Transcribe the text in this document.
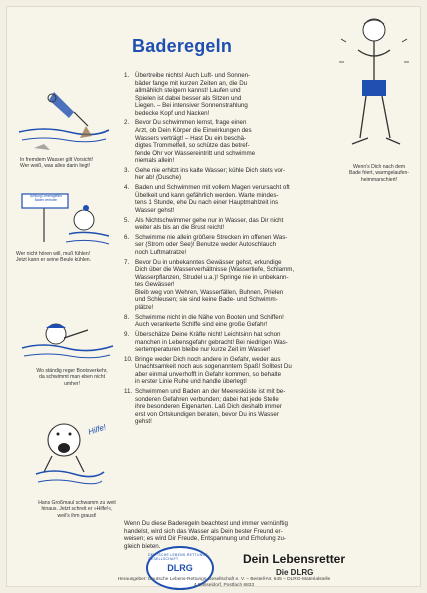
Baderegeln
1. Übertreibe nichts! Auch Luft- und Sonnen-
bäder fange mit kurzen Zeiten an, die Du
allmählich steigern kannst! Laufen und
Spielen ist dabei besser als Sitzen und
Liegen. – Bei intensiver Sonnenstrahlung
bedecke Kopf und Nacken!
2. Bevor Du schwimmen lernst, frage einen
Arzt, ob Dein Körper die Einwirkungen des
Wassers verträgt! – Hast Du ein beschä-
digtes Trommelfell, so schütze das betref-
fende Ohr vor Wassereintritt und schwimme
niemals allein!
3. Gehe nie erhitzt ins kalte Wasser; kühle Dich stets vor-
her ab! (Dusche)
4. Baden und Schwimmen mit vollem Magen verursacht oft
Übelkeit und kann gefährlich werden. Warte mindes-
tens 1 Stunde, ehe Du nach einer Hauptmahlzeit ins
Wasser gehst!
5. Als Nichtschwimmer gehe nur in Wasser, das Dir nicht
weiter als bis an die Brust reicht!
6. Schwimme nie allein größere Strecken im offenen Was-
ser (Strom oder See)! Benutze weder Autoschlauch
noch Luftmatratze!
7. Bevor Du in unbekanntes Gewässer gehst, erkundige
Dich über die Wasserverhältnisse (Wassertiefe, Schlamm,
Wasserpflanzen, Strudel u.a.)! Springe nie in unbekann-
tes Gewässer!
Bleib weg von Wehren, Wasserfällen, Buhnen, Prielen
und Schleusen; sie sind keine Bade- und Schwimm-
plätze!
8. Schwimme nicht in die Nähe von Booten und Schiffen!
Auch verankerte Schiffe sind eine große Gefahr!
9. Überschätze Deine Kräfte nicht! Leichtsinn hat schon
manchen in Lebensgefahr gebracht! Bei niedrigen Was-
sertemperaturen bleibe nur kurze Zeit im Wasser!
10. Bringe weder Dich noch andere in Gefahr, weder aus
Unachtsamkeit noch aus sogenanntem Spaß! Solltest Du
aber einmal unverhofft in Gefahr kommen, so behalte
in erster Linie Ruhe und handle überlegt!
11. Schwimmen und Baden an der Meeresküste ist mit be-
sonderen Gefahren verbunden; dabei hat jede Stelle
ihre besonderen Eigenarten. Laß Dich deshalb immer
erst von Ortskundigen beraten, bevor Du ins Wasser
gehst!
Wenn Du diese Baderegeln beachtest und immer vernünftig
handelst, wird sich das Wasser als Dein bester Freund er-
weisen; es wird Dir Freude, Entspannung und Erholung zu-
gleich bieten.
In fremdem Wasser gilt Vorsicht!
Wer weiß, was alles darin liegt!
Achtung Lebensgefahr
Baden verboten
Wer nicht hören will, muß fühlen!
Jetzt kann er seine Beule kühlen.
Wo ständig reger Bootsverkehr,
da schwimmt man eben nicht
umher!
Hilfe!
Hans Großmaul schwamm zu weit
hinaus. Jetzt schreit er »Hilfe!«,
weil's ihm graust!
Wenn's Dich nach dem
Bade friert, warmgelaufen-
heimmarschiert!
DEUTSCHE LEBENS-RETTUNGS-GESELLSCHAFT
DLRG
Dein Lebensretter
Die DLRG
Herausgeber: Deutsche Lebens-Rettungs-Gesellschaft e. V. – Bestell-Nr. 645 – DLRG-Materialstelle
4 Düsseldorf, Postfach 6833
